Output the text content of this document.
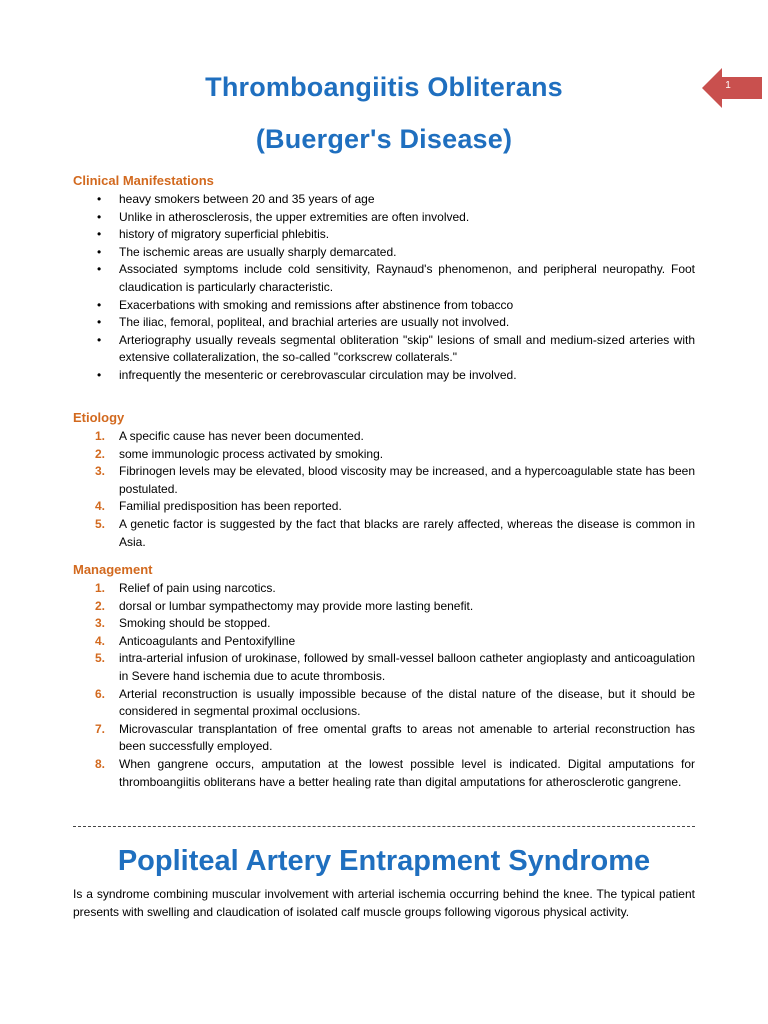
1
Thromboangiitis Obliterans
(Buerger's Disease)
Clinical Manifestations
• heavy smokers between 20 and 35 years of age
• Unlike in atherosclerosis, the upper extremities are often involved.
• history of migratory superficial phlebitis.
• The ischemic areas are usually sharply demarcated.
• Associated symptoms include cold sensitivity, Raynaud's phenomenon, and peripheral neuropathy. Foot claudication is particularly characteristic.
• Exacerbations with smoking and remissions after abstinence from tobacco
• The iliac, femoral, popliteal, and brachial arteries are usually not involved.
• Arteriography usually reveals segmental obliteration "skip" lesions of small and medium-sized arteries with extensive collateralization, the so-called "corkscrew collaterals."
• infrequently the mesenteric or cerebrovascular circulation may be involved.
Etiology
1. A specific cause has never been documented.
2. some immunologic process activated by smoking.
3. Fibrinogen levels may be elevated, blood viscosity may be increased, and a hypercoagulable state has been postulated.
4. Familial predisposition has been reported.
5. A genetic factor is suggested by the fact that blacks are rarely affected, whereas the disease is common in Asia.
Management
1. Relief of pain using narcotics.
2. dorsal or lumbar sympathectomy may provide more lasting benefit.
3. Smoking should be stopped.
4. Anticoagulants and Pentoxifylline
5. intra-arterial infusion of urokinase, followed by small-vessel balloon catheter angioplasty and anticoagulation in Severe hand ischemia due to acute thrombosis.
6. Arterial reconstruction is usually impossible because of the distal nature of the disease, but it should be considered in segmental proximal occlusions.
7. Microvascular transplantation of free omental grafts to areas not amenable to arterial reconstruction has been successfully employed.
8. When gangrene occurs, amputation at the lowest possible level is indicated. Digital amputations for thromboangiitis obliterans have a better healing rate than digital amputations for atherosclerotic gangrene.
Popliteal Artery Entrapment Syndrome
Is a syndrome combining muscular involvement with arterial ischemia occurring behind the knee. The typical patient presents with swelling and claudication of isolated calf muscle groups following vigorous physical activity.
